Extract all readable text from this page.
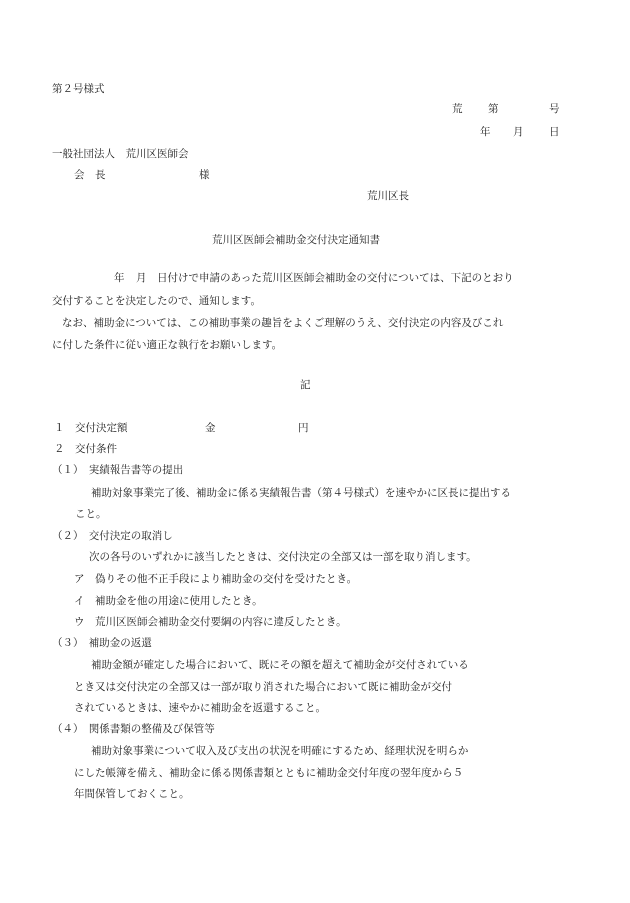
第２号様式
荒 第	号
年 月 日
一般社団法人　荒川区医師会
会　長	様
荒川区長
荒川区医師会補助金交付決定通知書
年 月 日付けで申請のあった荒川区医師会補助金の交付については、下記のとおり
交付することを決定したので、通知します。
なお、補助金については、この補助事業の趣旨をよくご理解のうえ、交付決定の内容及びこれ
に付した条件に従い適正な執行をお願いします。
記
１ 交付決定額	金	円
２ 交付条件
（１）　実績報告書等の提出
補助対象事業完了後、補助金に係る実績報告書（第４号様式）を速やかに区長に提出する
こと。
（２）　交付決定の取消し
次の各号のいずれかに該当したときは、交付決定の全部又は一部を取り消します。
ア　偽りその他不正手段により補助金の交付を受けたとき。
イ　補助金を他の用途に使用したとき。
ウ　荒川区医師会補助金交付要綱の内容に違反したとき。
（３）　補助金の返還
補助金額が確定した場合において、既にその額を超えて補助金が交付されている
とき又は交付決定の全部又は一部が取り消された場合において既に補助金が交付
されているときは、速やかに補助金を返還すること。
（４）　関係書類の整備及び保管等
補助対象事業について収入及び支出の状況を明確にするため、経理状況を明らか
にした帳簿を備え、補助金に係る関係書類とともに補助金交付年度の翌年度から５
年間保管しておくこと。
